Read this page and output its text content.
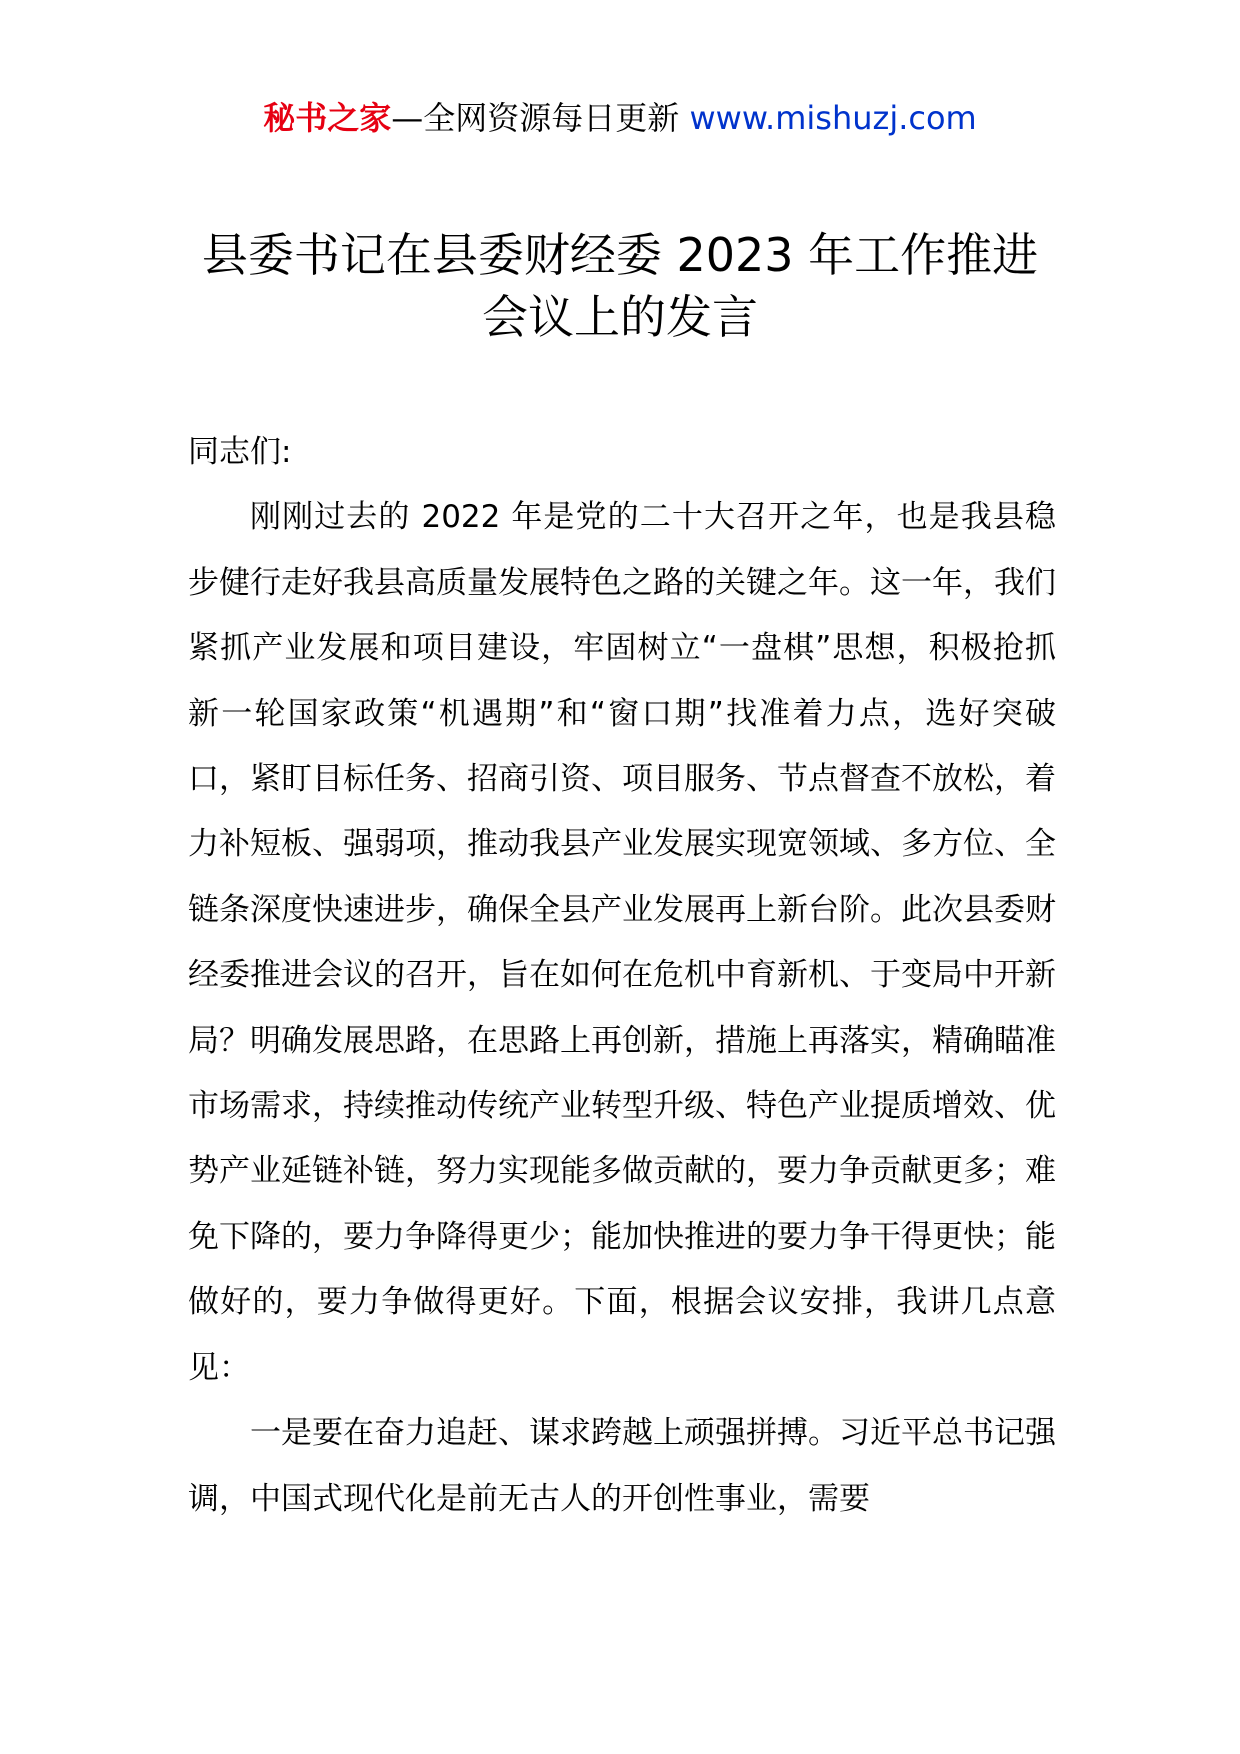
秘书之家—全网资源每日更新 www.mishuzj.com
县委书记在县委财经委 2023 年工作推进
会议上的发言

同志们:

刚刚过去的 2022 年是党的二十大召开之年，也是我县稳步健行走好我县高质量发展特色之路的关键之年。这一年，我们紧抓产业发展和项目建设，牢固树立“一盘棋”思想，积极抢抓新一轮国家政策“机遇期”和“窗口期”找准着力点，选好突破口，紧盯目标任务、招商引资、项目服务、节点督查不放松，着力补短板、强弱项，推动我县产业发展实现宽领域、多方位、全链条深度快速进步，确保全县产业发展再上新台阶。此次县委财经委推进会议的召开，旨在如何在危机中育新机、于变局中开新局？明确发展思路，在思路上再创新，措施上再落实，精确瞄准市场需求，持续推动传统产业转型升级、特色产业提质增效、优势产业延链补链，努力实现能多做贡献的，要力争贡献更多；难免下降的，要力争降得更少；能加快推进的要力争干得更快；能做好的，要力争做得更好。下面，根据会议安排，我讲几点意见：

一是要在奋力追赶、谋求跨越上顽强拼搏。习近平总书记强调，中国式现代化是前无古人的开创性事业，需要
